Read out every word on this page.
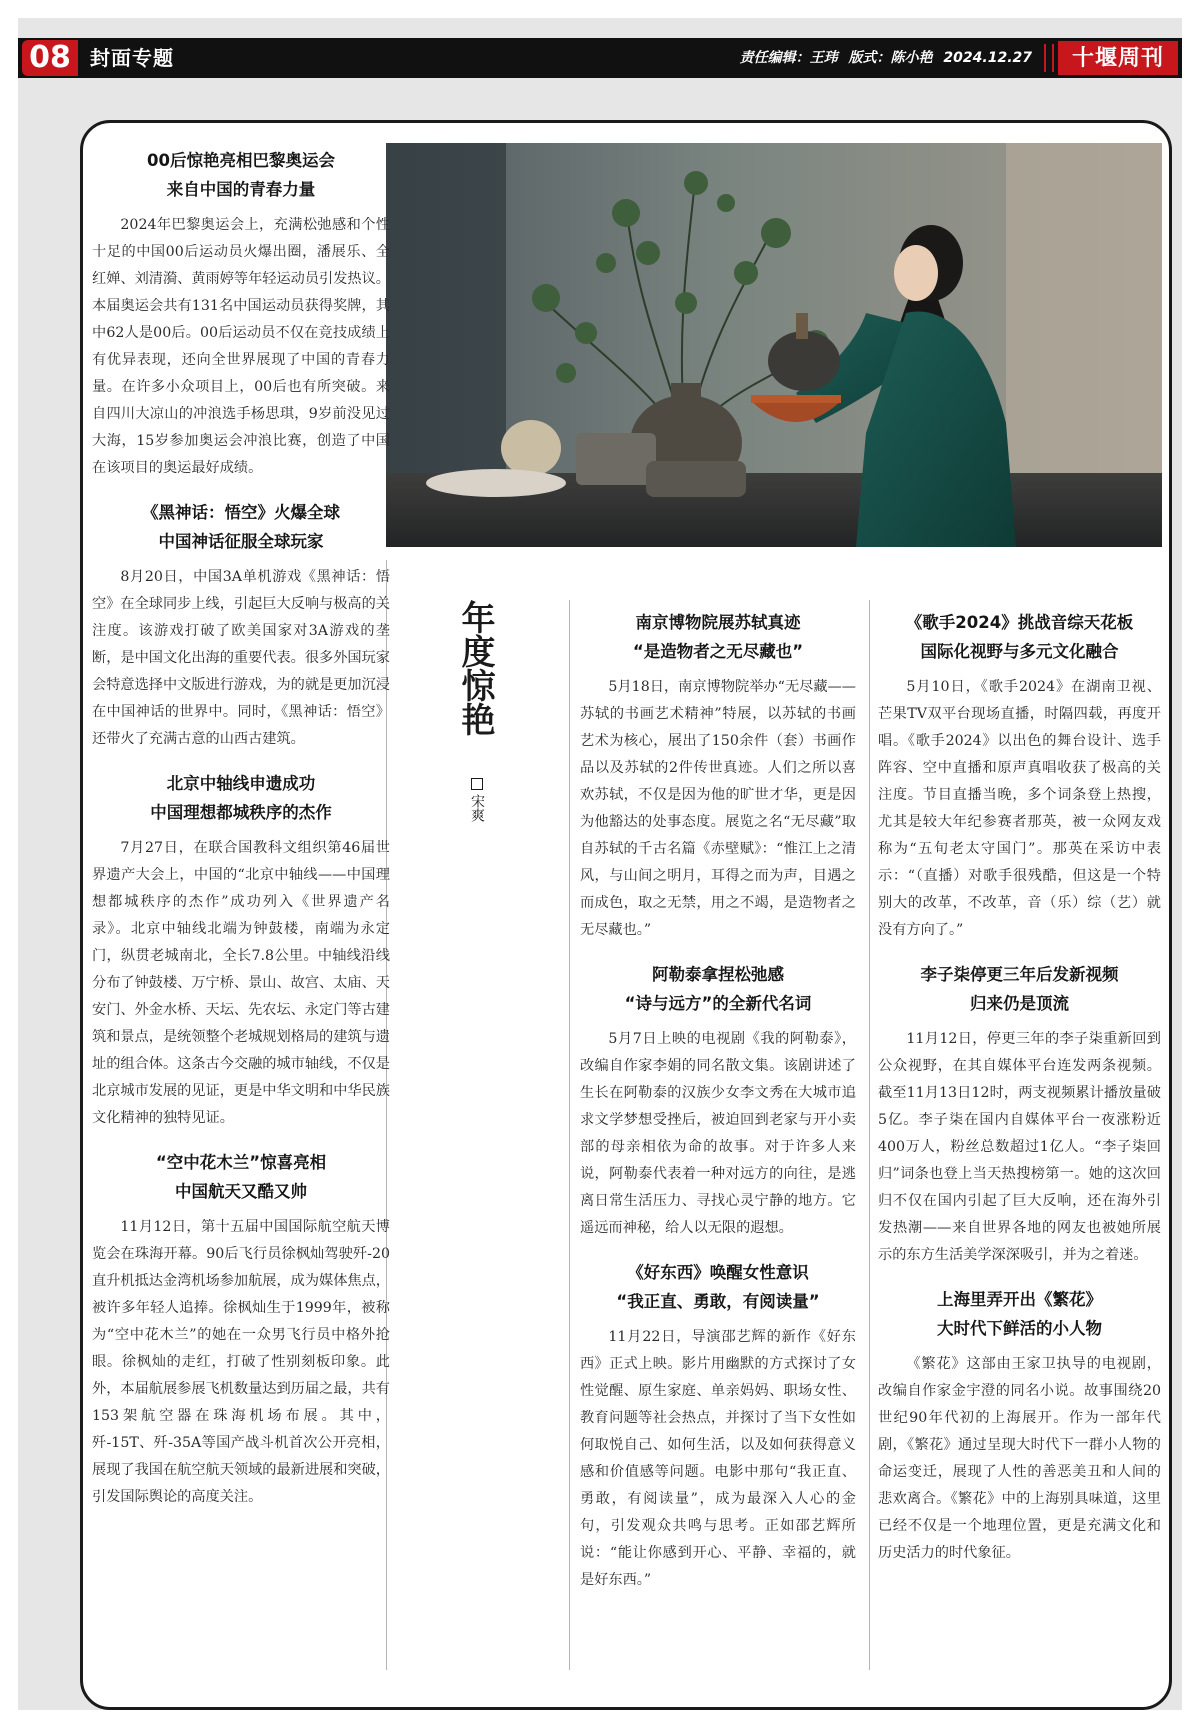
08 封面专题	责任编辑：王玮 版式：陈小艳 2024.12.27	十堰周刊
年度惊艳
宋爽
00后惊艳亮相巴黎奥运会
来自中国的青春力量

2024年巴黎奥运会上，充满松弛感和个性十足的中国00后运动员火爆出圈，潘展乐、全红婵、刘清漪、黄雨婷等年轻运动员引发热议。本届奥运会共有131名中国运动员获得奖牌，其中62人是00后。00后运动员不仅在竞技成绩上有优异表现，还向全世界展现了中国的青春力量。在许多小众项目上，00后也有所突破。来自四川大凉山的冲浪选手杨思琪，9岁前没见过大海，15岁参加奥运会冲浪比赛，创造了中国在该项目的奥运最好成绩。

《黑神话：悟空》火爆全球
中国神话征服全球玩家

8月20日，中国3A单机游戏《黑神话：悟空》在全球同步上线，引起巨大反响与极高的关注度。该游戏打破了欧美国家对3A游戏的垄断，是中国文化出海的重要代表。很多外国玩家会特意选择中文版进行游戏，为的就是更加沉浸在中国神话的世界中。同时，《黑神话：悟空》还带火了充满古意的山西古建筑。

北京中轴线申遗成功
中国理想都城秩序的杰作

7月27日，在联合国教科文组织第46届世界遗产大会上，中国的“北京中轴线——中国理想都城秩序的杰作”成功列入《世界遗产名录》。北京中轴线北端为钟鼓楼，南端为永定门，纵贯老城南北，全长7.8公里。中轴线沿线分布了钟鼓楼、万宁桥、景山、故宫、太庙、天安门、外金水桥、天坛、先农坛、永定门等古建筑和景点，是统领整个老城规划格局的建筑与遗址的组合体。这条古今交融的城市轴线，不仅是北京城市发展的见证，更是中华文明和中华民族文化精神的独特见证。

“空中花木兰”惊喜亮相
中国航天又酷又帅

11月12日，第十五届中国国际航空航天博览会在珠海开幕。90后飞行员徐枫灿驾驶歼-20直升机抵达金湾机场参加航展，成为媒体焦点，被许多年轻人追捧。徐枫灿生于1999年，被称为“空中花木兰”的她在一众男飞行员中格外抢眼。徐枫灿的走红，打破了性别刻板印象。此外，本届航展参展飞机数量达到历届之最，共有153架航空器在珠海机场布展。其中，歼-15T、歼-35A等国产战斗机首次公开亮相，展现了我国在航空航天领域的最新进展和突破，引发国际舆论的高度关注。

南京博物院展苏轼真迹
“是造物者之无尽藏也”

5月18日，南京博物院举办“无尽藏——苏轼的书画艺术精神”特展，以苏轼的书画艺术为核心，展出了150余件（套）书画作品以及苏轼的2件传世真迹。人们之所以喜欢苏轼，不仅是因为他的旷世才华，更是因为他豁达的处事态度。展览之名“无尽藏”取自苏轼的千古名篇《赤壁赋》：“惟江上之清风，与山间之明月，耳得之而为声，目遇之而成色，取之无禁，用之不竭，是造物者之无尽藏也。”

阿勒泰拿捏松弛感
“诗与远方”的全新代名词

5月7日上映的电视剧《我的阿勒泰》，改编自作家李娟的同名散文集。该剧讲述了生长在阿勒泰的汉族少女李文秀在大城市追求文学梦想受挫后，被迫回到老家与开小卖部的母亲相依为命的故事。对于许多人来说，阿勒泰代表着一种对远方的向往，是逃离日常生活压力、寻找心灵宁静的地方。它遥远而神秘，给人以无限的遐想。

《好东西》唤醒女性意识
“我正直、勇敢，有阅读量”

11月22日，导演邵艺辉的新作《好东西》正式上映。影片用幽默的方式探讨了女性觉醒、原生家庭、单亲妈妈、职场女性、教育问题等社会热点，并探讨了当下女性如何取悦自己、如何生活，以及如何获得意义感和价值感等问题。电影中那句“我正直、勇敢，有阅读量”，成为最深入人心的金句，引发观众共鸣与思考。正如邵艺辉所说：“能让你感到开心、平静、幸福的，就是好东西。”

《歌手2024》挑战音综天花板
国际化视野与多元文化融合

5月10日，《歌手2024》在湖南卫视、芒果TV双平台现场直播，时隔四载，再度开唱。《歌手2024》以出色的舞台设计、选手阵容、空中直播和原声真唱收获了极高的关注度。节目直播当晚，多个词条登上热搜，尤其是较大年纪参赛者那英，被一众网友戏称为“五旬老太守国门”。那英在采访中表示：“（直播）对歌手很残酷，但这是一个特别大的改革，不改革，音（乐）综（艺）就没有方向了。”

李子柒停更三年后发新视频
归来仍是顶流

11月12日，停更三年的李子柒重新回到公众视野，在其自媒体平台连发两条视频。截至11月13日12时，两支视频累计播放量破5亿。李子柒在国内自媒体平台一夜涨粉近400万人，粉丝总数超过1亿人。“李子柒回归”词条也登上当天热搜榜第一。她的这次回归不仅在国内引起了巨大反响，还在海外引发热潮——来自世界各地的网友也被她所展示的东方生活美学深深吸引，并为之着迷。

上海里弄开出《繁花》
大时代下鲜活的小人物

《繁花》这部由王家卫执导的电视剧，改编自作家金宇澄的同名小说。故事围绕20世纪90年代初的上海展开。作为一部年代剧，《繁花》通过呈现大时代下一群小人物的命运变迁，展现了人性的善恶美丑和人间的悲欢离合。《繁花》中的上海别具味道，这里已经不仅是一个地理位置，更是充满文化和历史活力的时代象征。
